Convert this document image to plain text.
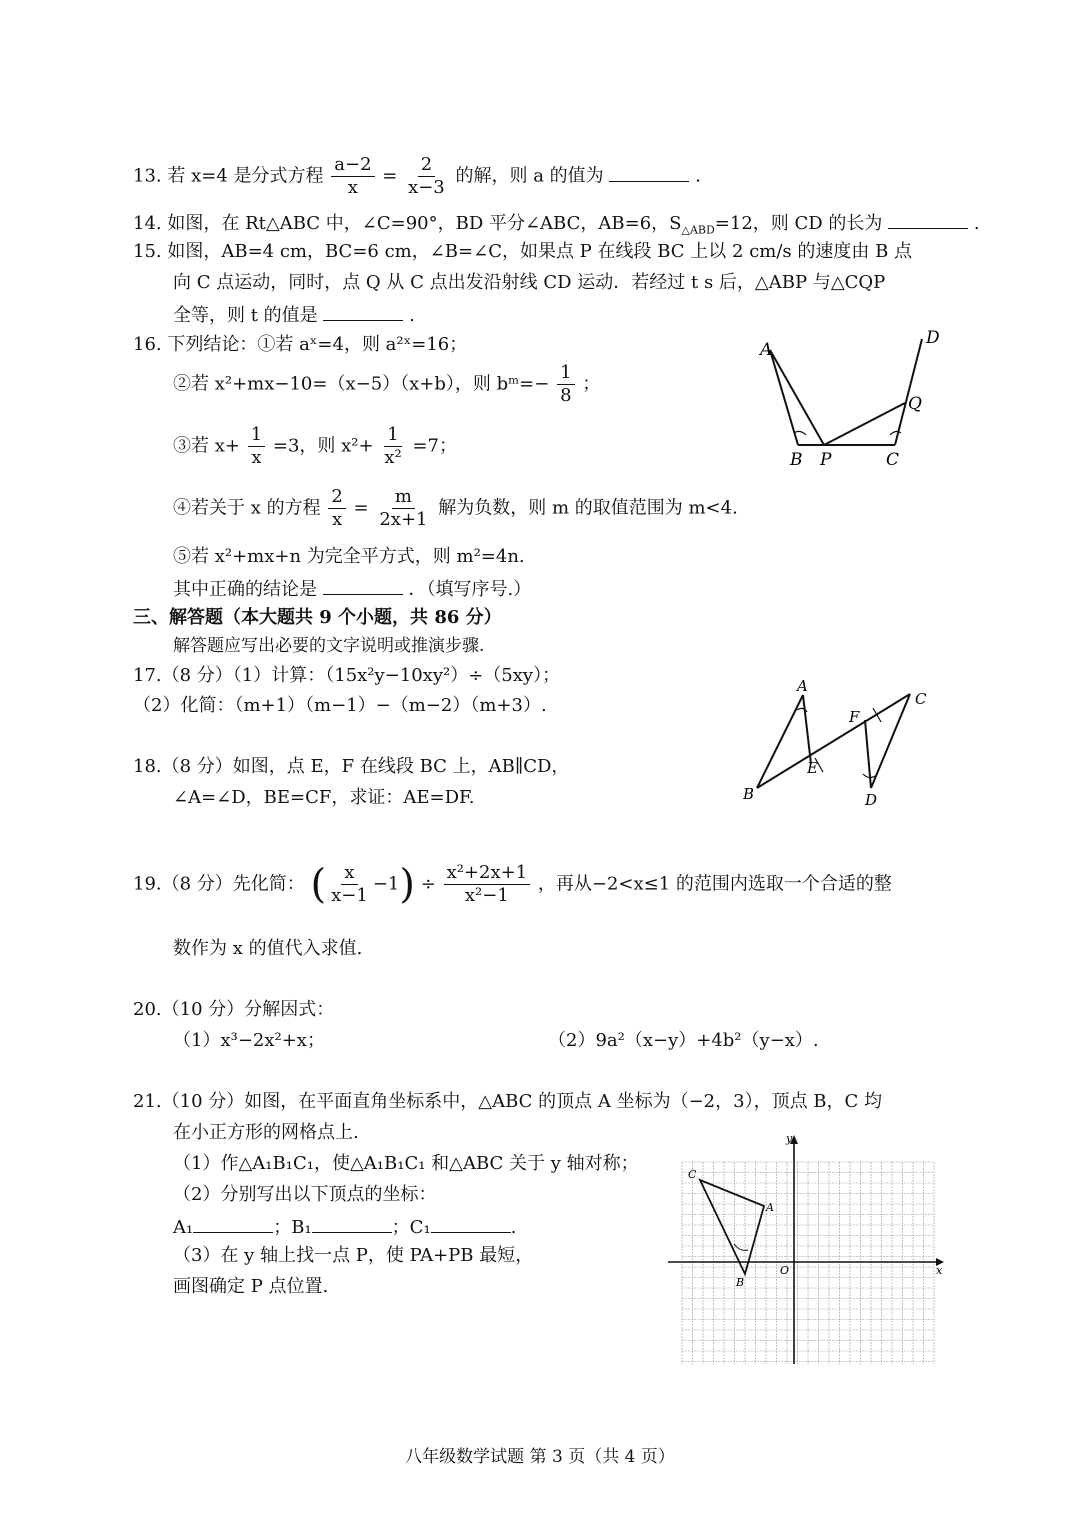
13. 若 x=4 是分式方程 $\frac{a-2}{x} = \frac{2}{x-3}$ 的解，则 a 的值为	.
14. 如图，在 Rt△ABC 中，∠C=90°，BD 平分∠ABC，AB=6，$S_{\triangle ABD}=12$，则 CD 的长为	.
15. 如图，AB=4 cm，BC=6 cm，∠B=∠C，如果点 P 在线段 BC 上以 2 cm/s 的速度由 B 点
向 C 点运动，同时，点 Q 从 C 点出发沿射线 CD 运动．若经过 t s 后，△ABP 与△CQP
全等，则 t 的值是	.
16. 下列结论：①若 aˣ=4，则 a²ˣ=16；
②若 x²+mx−10=（x−5）（x+b），则 bᵐ=− $\frac{1}{8}$ ；
③若 $x+ \frac{1}{x} =3$，则 $x^2+ \frac{1}{\text{x²}} =7$；
④若关于 x 的方程 $\frac{2}{x} = \frac{m}{2x+1}$ 解为负数，则 m 的取值范围为 m<4.
⑤若 x²+mx+n 为完全平方式，则 m²=4n.
其中正确的结论是	．（填写序号.）
A
B P	C
Q
D
三、解答题（本大题共 9 个小题，共 86 分）
解答题应写出必要的文字说明或推演步骤.
17.（8 分）（1）计算：（15x²y−10xy²）÷（5xy）；
（2）化简：（m+1）（m−1）−（m−2）（m+3）.
18.（8 分）如图，点 E，F 在线段 BC 上，AB∥CD，
∠A=∠D，BE=CF，求证：AE=DF.
A
B
E
F
C
D
19.（8 分）先化简： ( $\frac{x}{x-1} -1) \div \frac{\text{x²+2x+1}}{\text{x²−1}}$ ，再从−2<x≤1 的范围内选取一个合适的整
数作为 x 的值代入求值.
20.（10 分）分解因式：
（1）x³−2x²+x；	（2）9a²（x−y）+4b²（y−x）.
21.（10 分）如图，在平面直角坐标系中，△ABC 的顶点 A 坐标为（−2，3），顶点 B，C 均
在小正方形的网格点上.
（1）作△A₁B₁C₁，使△A₁B₁C₁ 和△ABC 关于 y 轴对称；
（2）分别写出以下顶点的坐标：
A₁	；B₁	；C₁	.
（3）在 y 轴上找一点 P，使 PA+PB 最短，
画图确定 P 点位置.
y
x
O
A
B
C
八年级数学试题 第 3 页（共 4 页）
